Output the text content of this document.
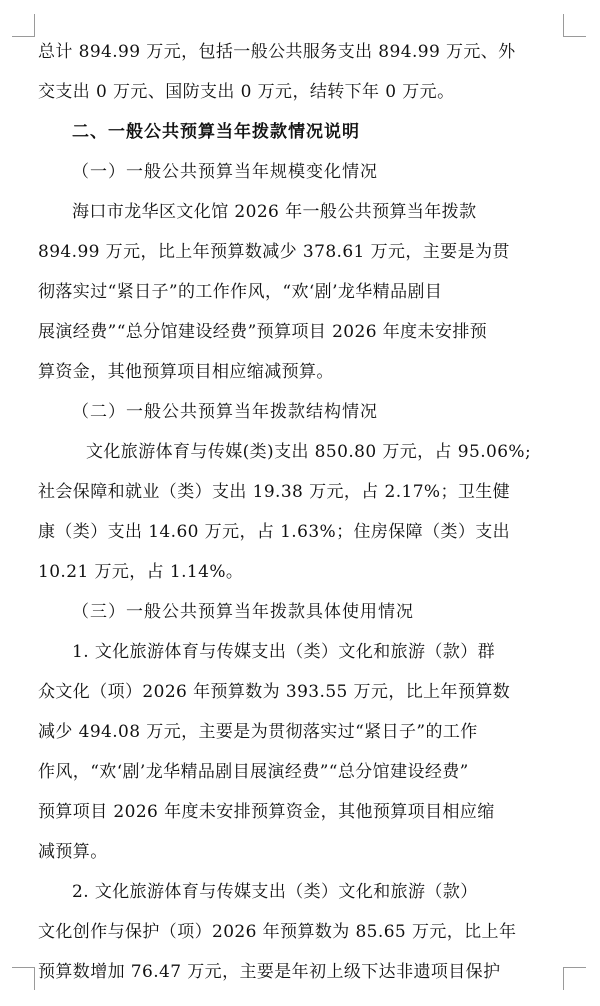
总计 894.99 万元，包括一般公共服务支出 894.99 万元、外
交支出 0 万元、国防支出 0 万元，结转下年 0 万元。
二、一般公共预算当年拨款情况说明
（一）一般公共预算当年规模变化情况
海口市龙华区文化馆 2026 年一般公共预算当年拨款
894.99 万元，比上年预算数减少 378.61 万元，主要是为贯
彻落实过“紧日子”的工作作风，“欢‘剧’龙华精品剧目
展演经费”“总分馆建设经费”预算项目 2026 年度未安排预
算资金，其他预算项目相应缩减预算。
（二）一般公共预算当年拨款结构情况
文化旅游体育与传媒(类)支出 850.80 万元，占 95.06%;
社会保障和就业（类）支出 19.38 万元，占 2.17%；卫生健
康（类）支出 14.60 万元，占 1.63%；住房保障（类）支出
10.21 万元，占 1.14%。
（三）一般公共预算当年拨款具体使用情况
1. 文化旅游体育与传媒支出（类）文化和旅游（款）群
众文化（项）2026 年预算数为 393.55 万元，比上年预算数
减少 494.08 万元，主要是为贯彻落实过“紧日子”的工作
作风，“欢‘剧’龙华精品剧目展演经费”“总分馆建设经费”
预算项目 2026 年度未安排预算资金，其他预算项目相应缩
减预算。
2. 文化旅游体育与传媒支出（类）文化和旅游（款）
文化创作与保护（项）2026 年预算数为 85.65 万元，比上年
预算数增加 76.47 万元，主要是年初上级下达非遗项目保护
